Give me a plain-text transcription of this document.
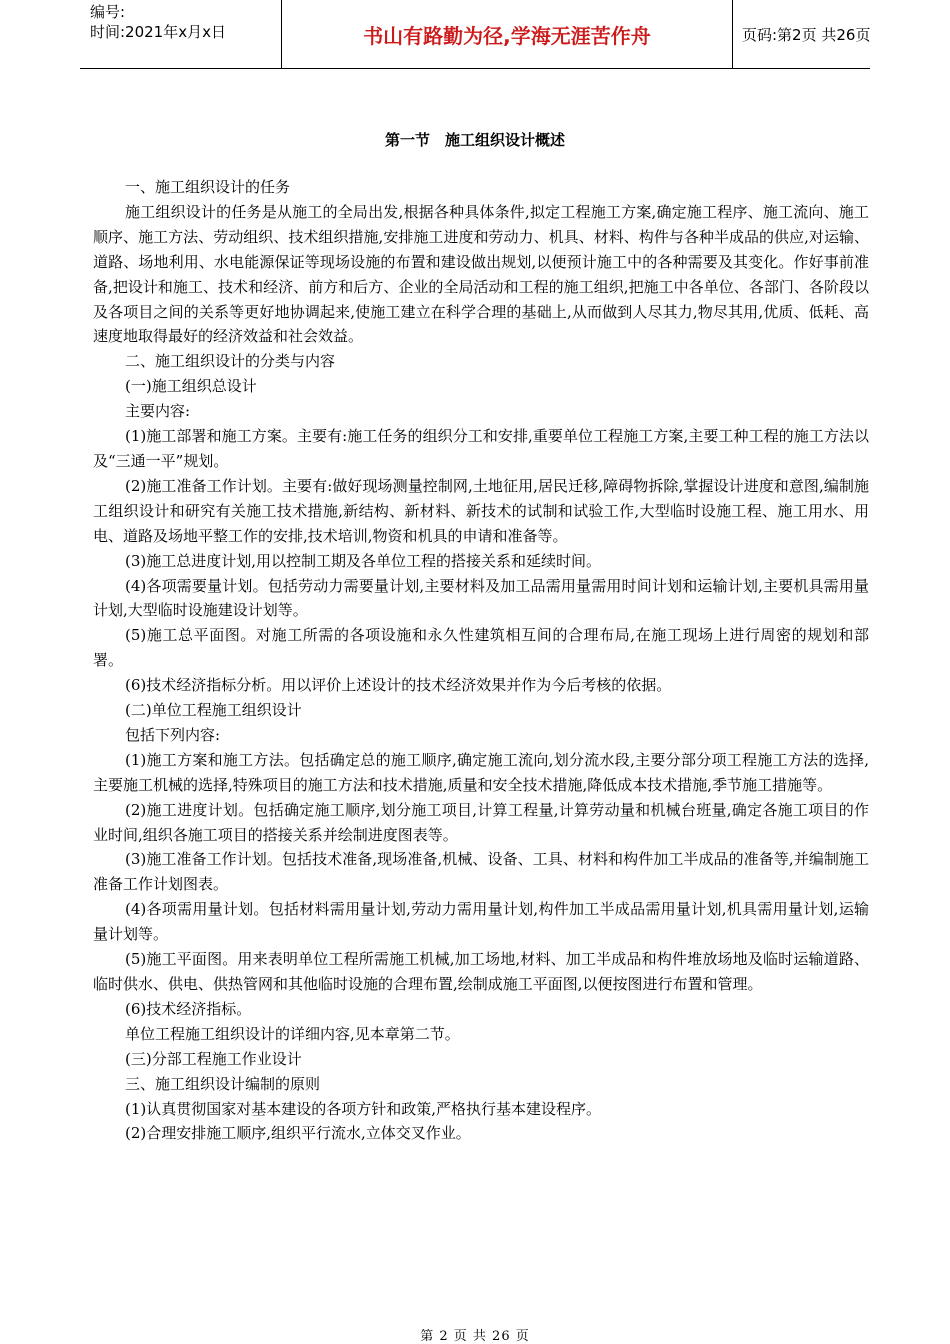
编号:
时间:2021年x月x日	书山有路勤为径,学海无涯苦作舟	页码:第2页 共26页
第一节　施工组织设计概述

一、施工组织设计的任务

施工组织设计的任务是从施工的全局出发,根据各种具体条件,拟定工程施工方案,确定施工程序、施工流向、施工顺序、施工方法、劳动组织、技术组织措施,安排施工进度和劳动力、机具、材料、构件与各种半成品的供应,对运输、道路、场地利用、水电能源保证等现场设施的布置和建设做出规划,以便预计施工中的各种需要及其变化。作好事前准备,把设计和施工、技术和经济、前方和后方、企业的全局活动和工程的施工组织,把施工中各单位、各部门、各阶段以及各项目之间的关系等更好地协调起来,使施工建立在科学合理的基础上,从而做到人尽其力,物尽其用,优质、低耗、高速度地取得最好的经济效益和社会效益。

二、施工组织设计的分类与内容

(一)施工组织总设计

主要内容:

(1)施工部署和施工方案。主要有:施工任务的组织分工和安排,重要单位工程施工方案,主要工种工程的施工方法以及“三通一平”规划。

(2)施工准备工作计划。主要有:做好现场测量控制网,土地征用,居民迁移,障碍物拆除,掌握设计进度和意图,编制施工组织设计和研究有关施工技术措施,新结构、新材料、新技术的试制和试验工作,大型临时设施工程、施工用水、用电、道路及场地平整工作的安排,技术培训,物资和机具的申请和准备等。

(3)施工总进度计划,用以控制工期及各单位工程的搭接关系和延续时间。

(4)各项需要量计划。包括劳动力需要量计划,主要材料及加工品需用量需用时间计划和运输计划,主要机具需用量计划,大型临时设施建设计划等。

(5)施工总平面图。对施工所需的各项设施和永久性建筑相互间的合理布局,在施工现场上进行周密的规划和部署。

(6)技术经济指标分析。用以评价上述设计的技术经济效果并作为今后考核的依据。

(二)单位工程施工组织设计

包括下列内容:

(1)施工方案和施工方法。包括确定总的施工顺序,确定施工流向,划分流水段,主要分部分项工程施工方法的选择,主要施工机械的选择,特殊项目的施工方法和技术措施,质量和安全技术措施,降低成本技术措施,季节施工措施等。

(2)施工进度计划。包括确定施工顺序,划分施工项目,计算工程量,计算劳动量和机械台班量,确定各施工项目的作业时间,组织各施工项目的搭接关系并绘制进度图表等。

(3)施工准备工作计划。包括技术准备,现场准备,机械、设备、工具、材料和构件加工半成品的准备等,并编制施工准备工作计划图表。

(4)各项需用量计划。包括材料需用量计划,劳动力需用量计划,构件加工半成品需用量计划,机具需用量计划,运输量计划等。

(5)施工平面图。用来表明单位工程所需施工机械,加工场地,材料、加工半成品和构件堆放场地及临时运输道路、临时供水、供电、供热管网和其他临时设施的合理布置,绘制成施工平面图,以便按图进行布置和管理。

(6)技术经济指标。

单位工程施工组织设计的详细内容,见本章第二节。

(三)分部工程施工作业设计

三、施工组织设计编制的原则

(1)认真贯彻国家对基本建设的各项方针和政策,严格执行基本建设程序。

(2)合理安排施工顺序,组织平行流水,立体交叉作业。

第 2 页 共 26 页
